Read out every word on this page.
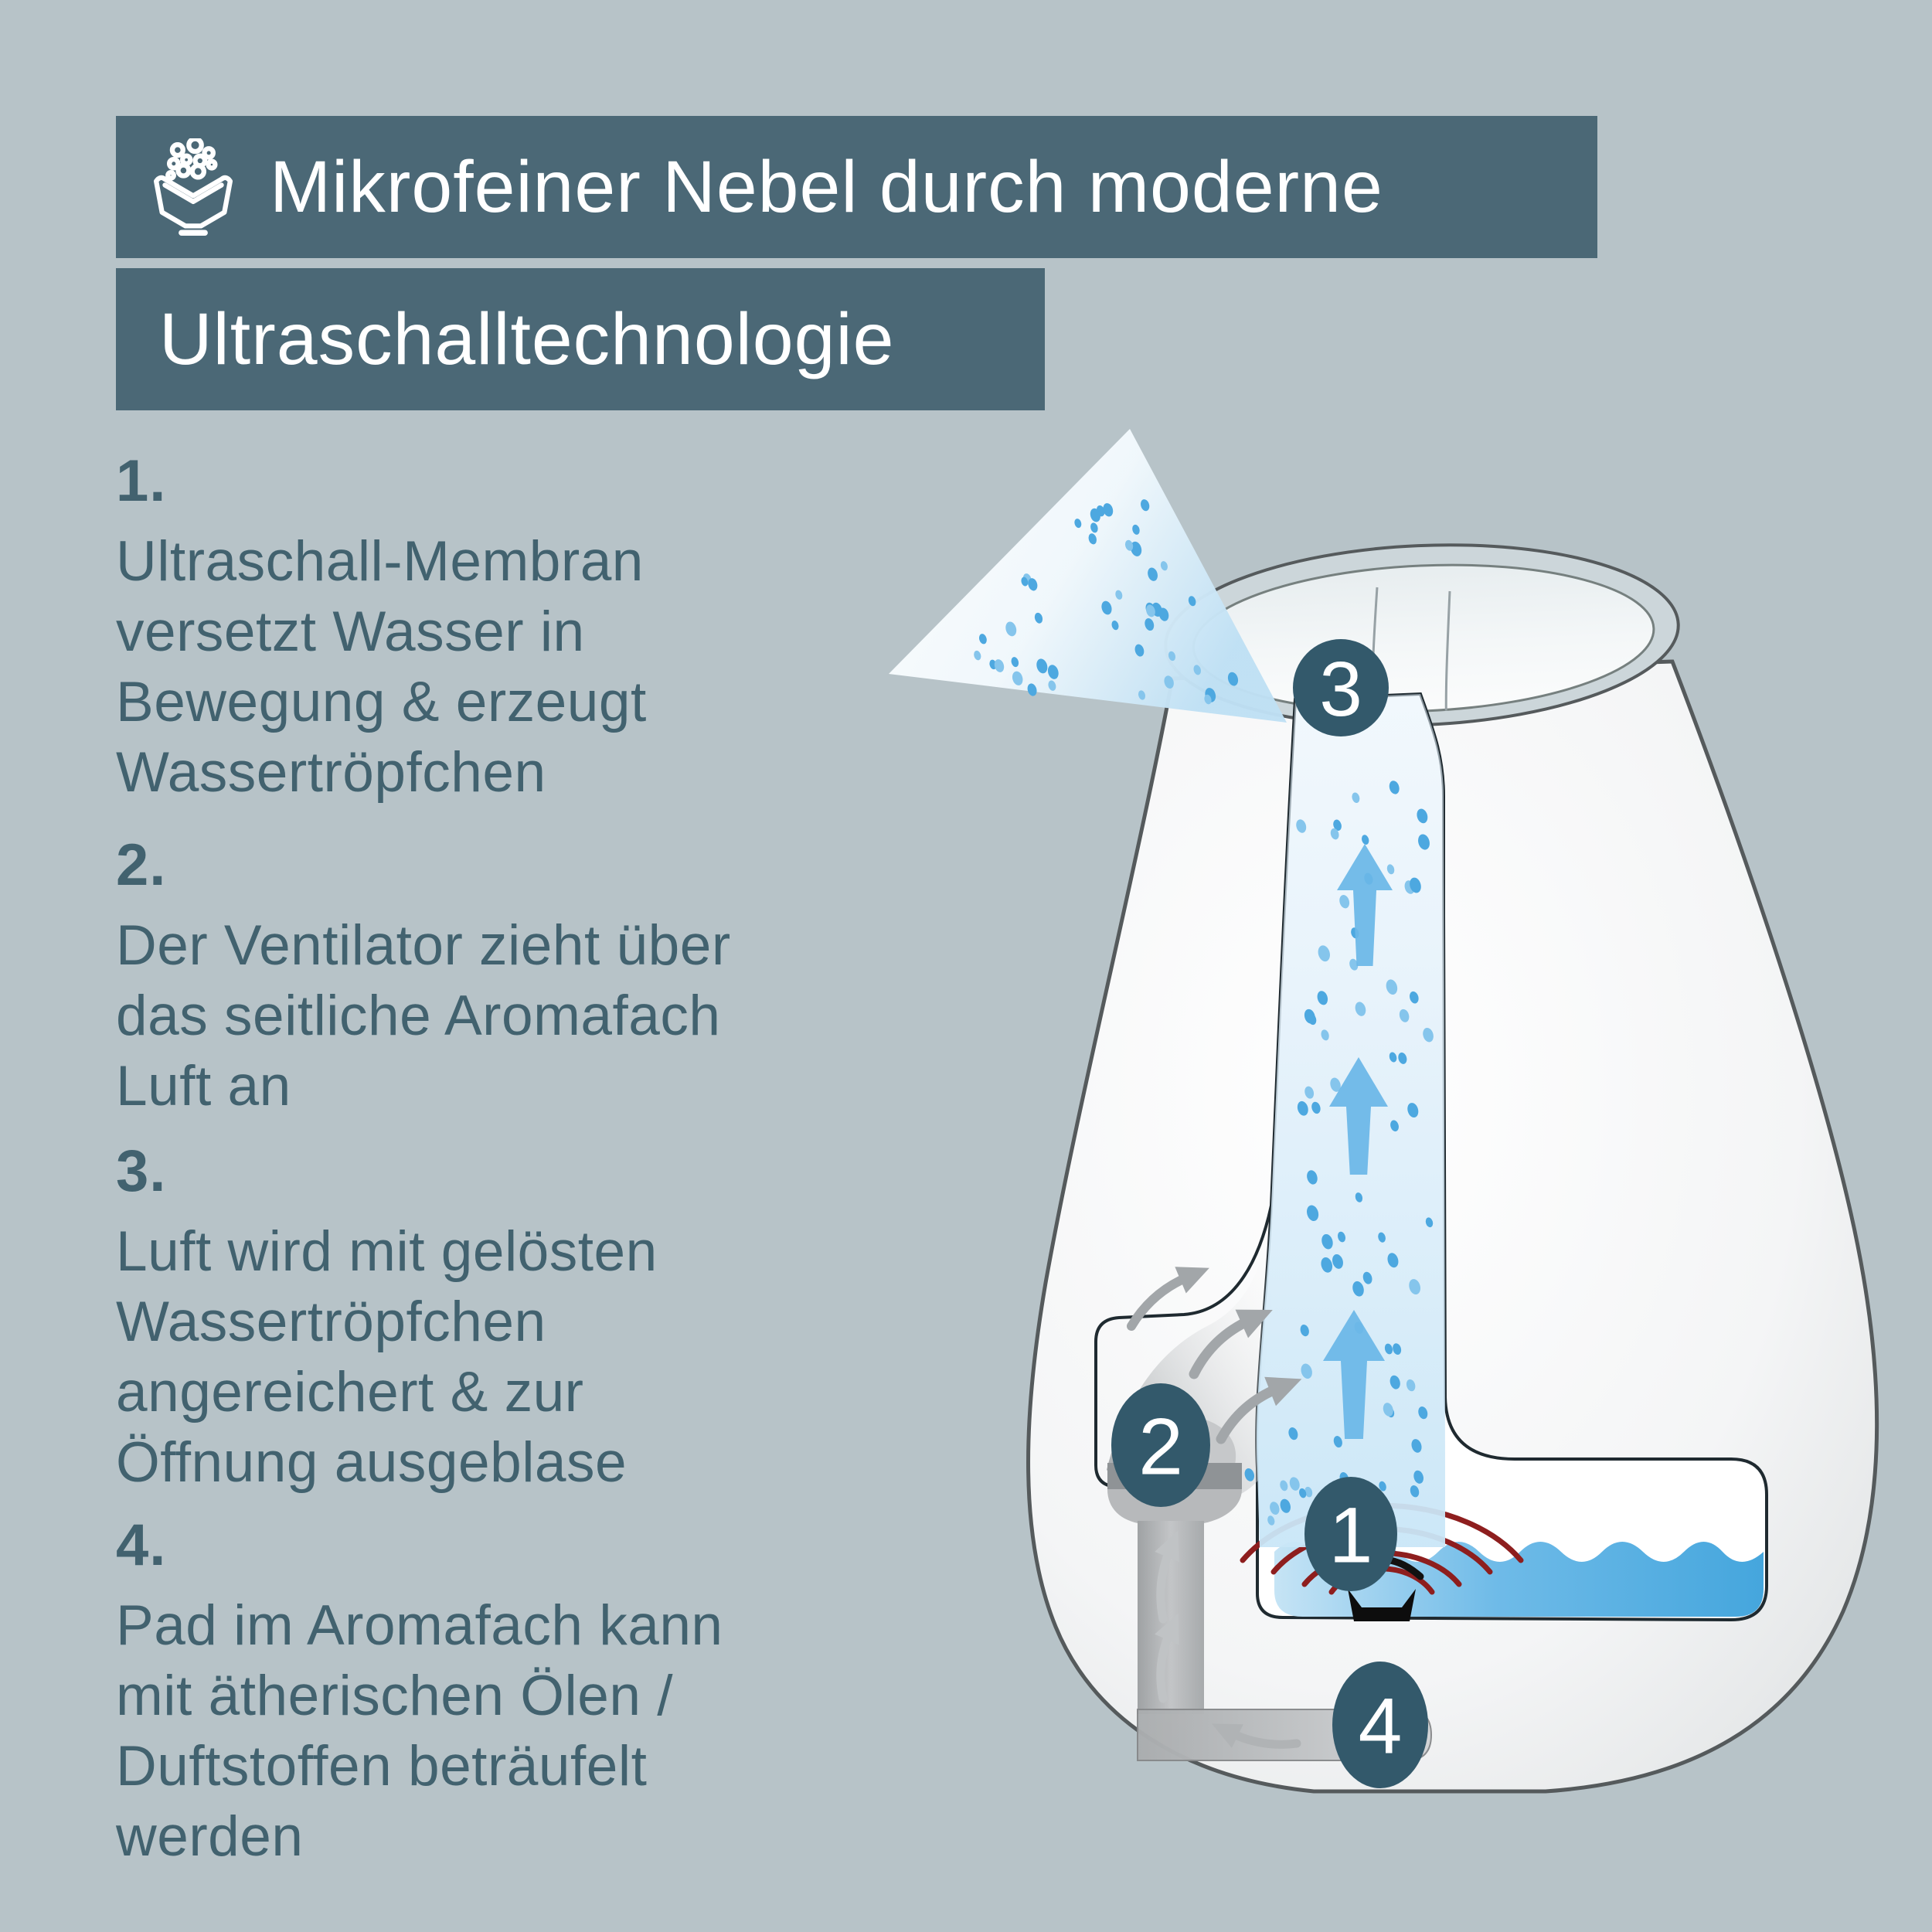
Mikrofeiner Nebel durch moderne
Ultraschalltechnologie
1.
Ultraschall-Membran
versetzt Wasser in
Bewegung & erzeugt
Wassertröpfchen
2.
Der Ventilator zieht über
das seitliche Aromafach
Luft an
3.
Luft wird mit gelösten
Wassertröpfchen
angereichert & zur
Öffnung ausgeblase
4.
Pad im Aromafach kann
mit ätherischen Ölen /
Duftstoffen beträufelt
werden
1
2
3
4
